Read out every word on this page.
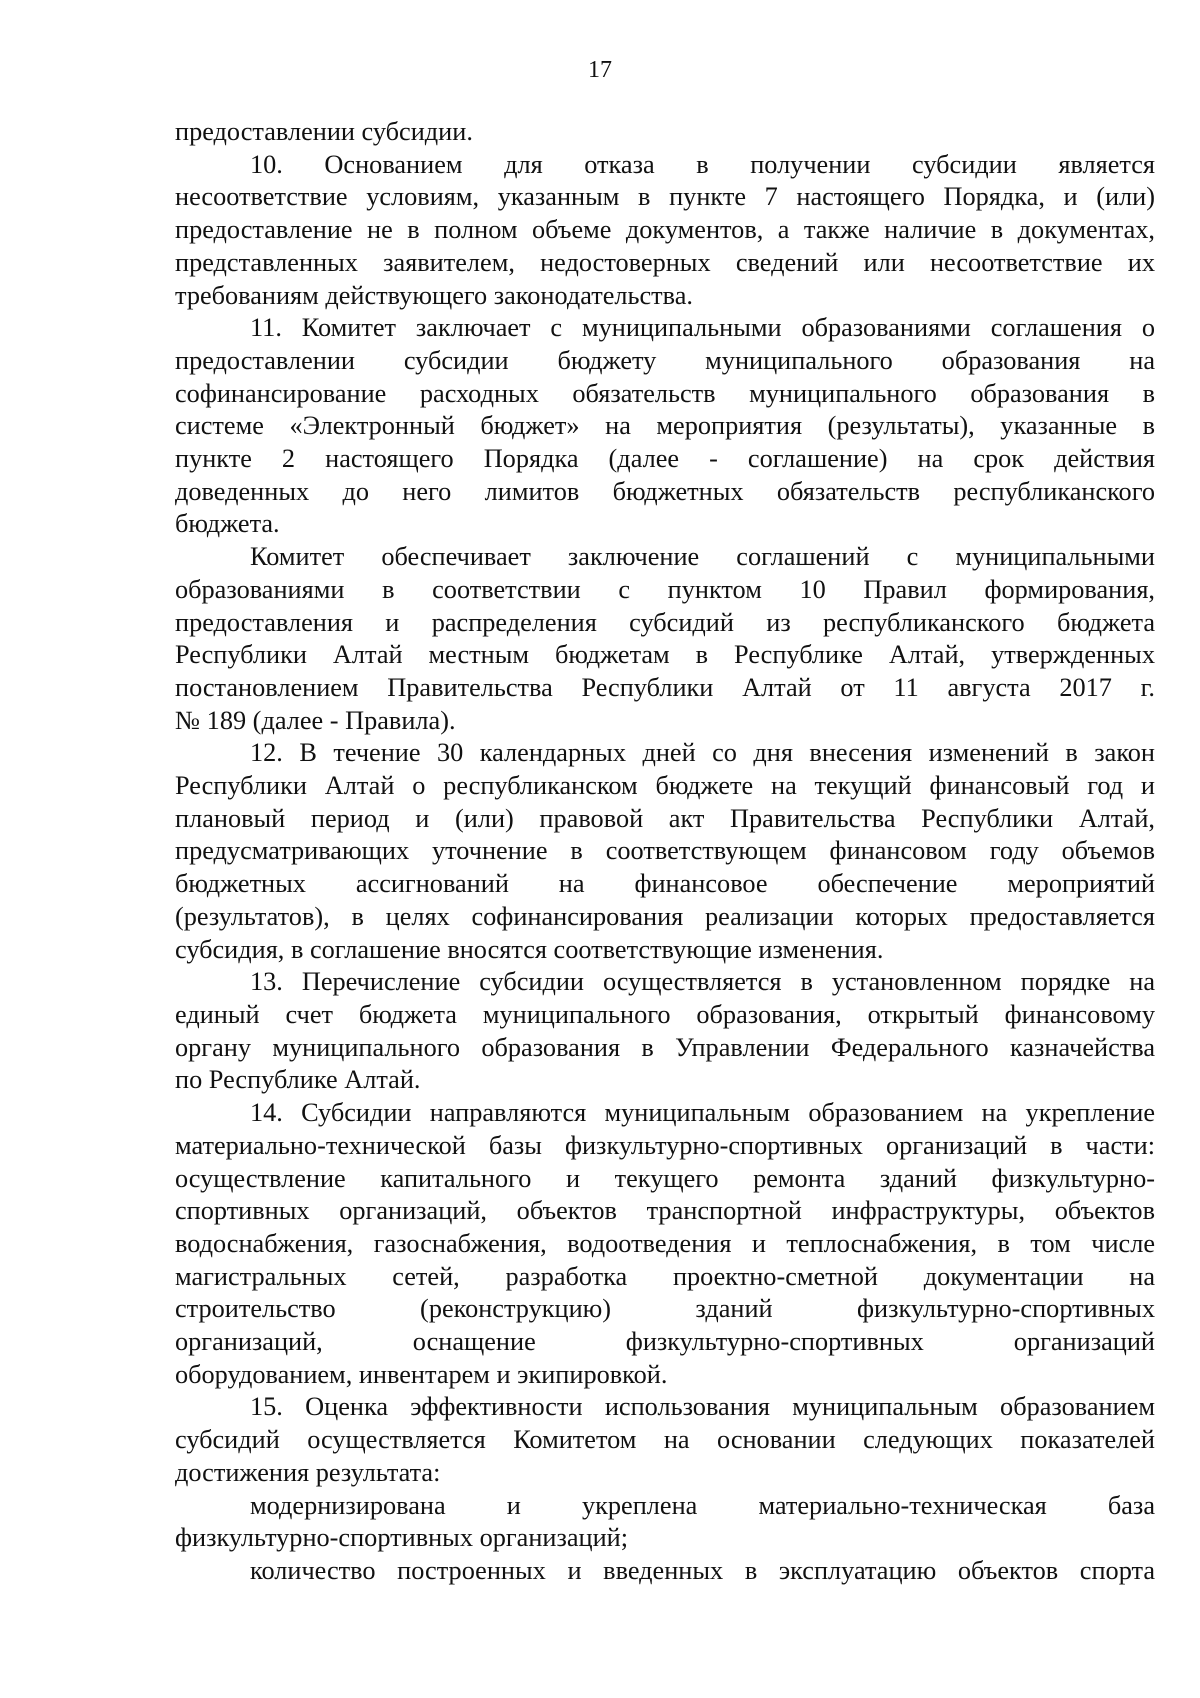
17
предоставлении субсидии.
10. Основанием для отказа в получении субсидии является
несоответствие условиям, указанным в пункте 7 настоящего Порядка, и (или)
предоставление не в полном объеме документов, а также наличие в документах,
представленных заявителем, недостоверных сведений или несоответствие их
требованиям действующего законодательства.
11. Комитет заключает с муниципальными образованиями соглашения о
предоставлении субсидии бюджету муниципального образования на
софинансирование расходных обязательств муниципального образования в
системе «Электронный бюджет» на мероприятия (результаты), указанные в
пункте 2 настоящего Порядка (далее - соглашение) на срок действия
доведенных до него лимитов бюджетных обязательств республиканского
бюджета.
Комитет обеспечивает заключение соглашений с муниципальными
образованиями в соответствии с пунктом 10 Правил формирования,
предоставления и распределения субсидий из республиканского бюджета
Республики Алтай местным бюджетам в Республике Алтай, утвержденных
постановлением Правительства Республики Алтай от 11 августа 2017 г.
№ 189 (далее - Правила).
12. В течение 30 календарных дней со дня внесения изменений в закон
Республики Алтай о республиканском бюджете на текущий финансовый год и
плановый период и (или) правовой акт Правительства Республики Алтай,
предусматривающих уточнение в соответствующем финансовом году объемов
бюджетных ассигнований на финансовое обеспечение мероприятий
(результатов), в целях софинансирования реализации которых предоставляется
субсидия, в соглашение вносятся соответствующие изменения.
13. Перечисление субсидии осуществляется в установленном порядке на
единый счет бюджета муниципального образования, открытый финансовому
органу муниципального образования в Управлении Федерального казначейства
по Республике Алтай.
14. Субсидии направляются муниципальным образованием на укрепление
материально-технической базы физкультурно-спортивных организаций в части:
осуществление капитального и текущего ремонта зданий физкультурно-
спортивных организаций, объектов транспортной инфраструктуры, объектов
водоснабжения, газоснабжения, водоотведения и теплоснабжения, в том числе
магистральных сетей, разработка проектно-сметной документации на
строительство (реконструкцию) зданий физкультурно-спортивных
организаций, оснащение физкультурно-спортивных организаций
оборудованием, инвентарем и экипировкой.
15. Оценка эффективности использования муниципальным образованием
субсидий осуществляется Комитетом на основании следующих показателей
достижения результата:
модернизирована и укреплена материально-техническая база
физкультурно-спортивных организаций;
количество построенных и введенных в эксплуатацию объектов спорта
